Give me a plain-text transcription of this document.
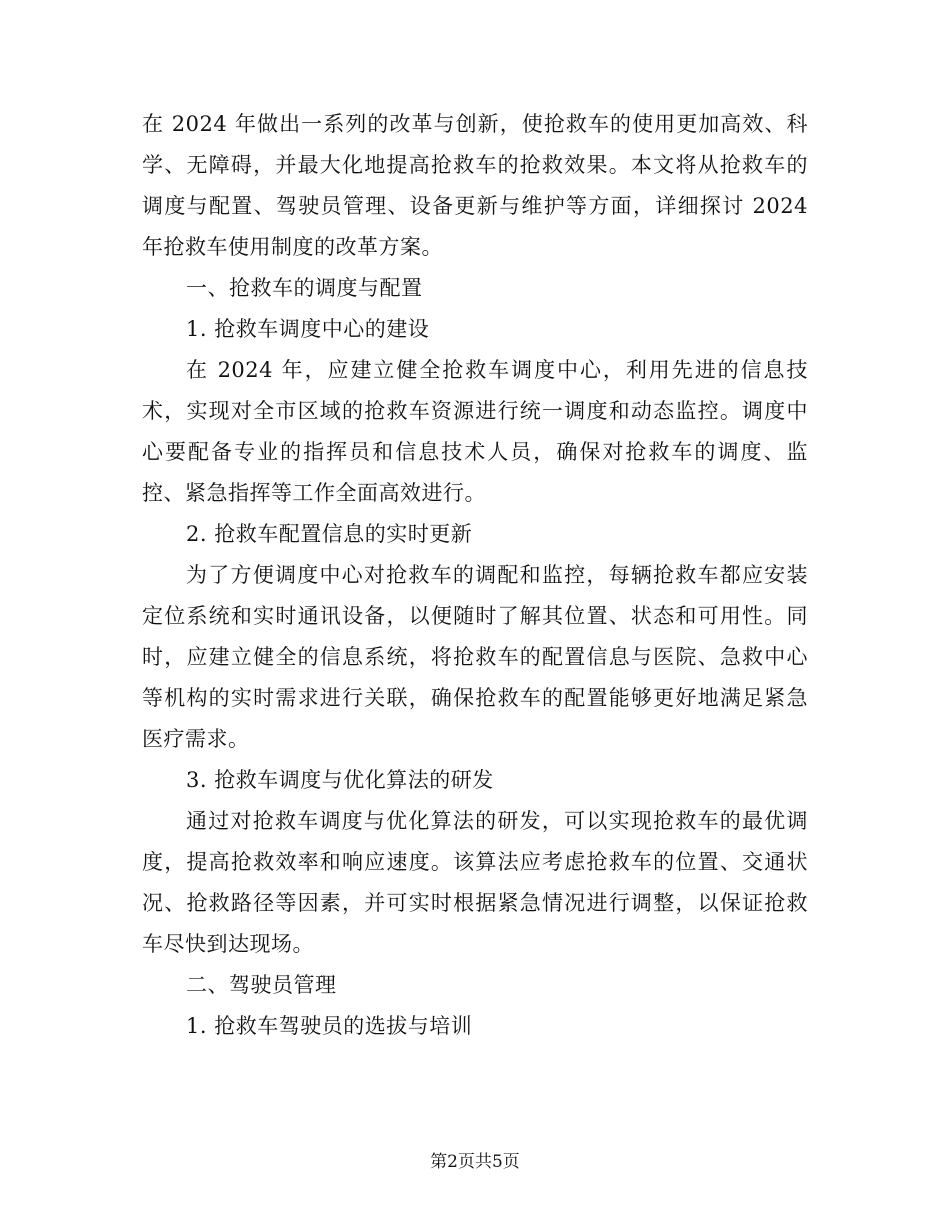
在 2024 年做出一系列的改革与创新，使抢救车的使用更加高效、科学、无障碍，并最大化地提高抢救车的抢救效果。本文将从抢救车的调度与配置、驾驶员管理、设备更新与维护等方面，详细探讨 2024 年抢救车使用制度的改革方案。

一、抢救车的调度与配置

1. 抢救车调度中心的建设

在 2024 年，应建立健全抢救车调度中心，利用先进的信息技术，实现对全市区域的抢救车资源进行统一调度和动态监控。调度中心要配备专业的指挥员和信息技术人员，确保对抢救车的调度、监控、紧急指挥等工作全面高效进行。

2. 抢救车配置信息的实时更新

为了方便调度中心对抢救车的调配和监控，每辆抢救车都应安装定位系统和实时通讯设备，以便随时了解其位置、状态和可用性。同时，应建立健全的信息系统，将抢救车的配置信息与医院、急救中心等机构的实时需求进行关联，确保抢救车的配置能够更好地满足紧急医疗需求。

3. 抢救车调度与优化算法的研发

通过对抢救车调度与优化算法的研发，可以实现抢救车的最优调度，提高抢救效率和响应速度。该算法应考虑抢救车的位置、交通状况、抢救路径等因素，并可实时根据紧急情况进行调整，以保证抢救车尽快到达现场。

二、驾驶员管理

1. 抢救车驾驶员的选拔与培训

第2页共5页
